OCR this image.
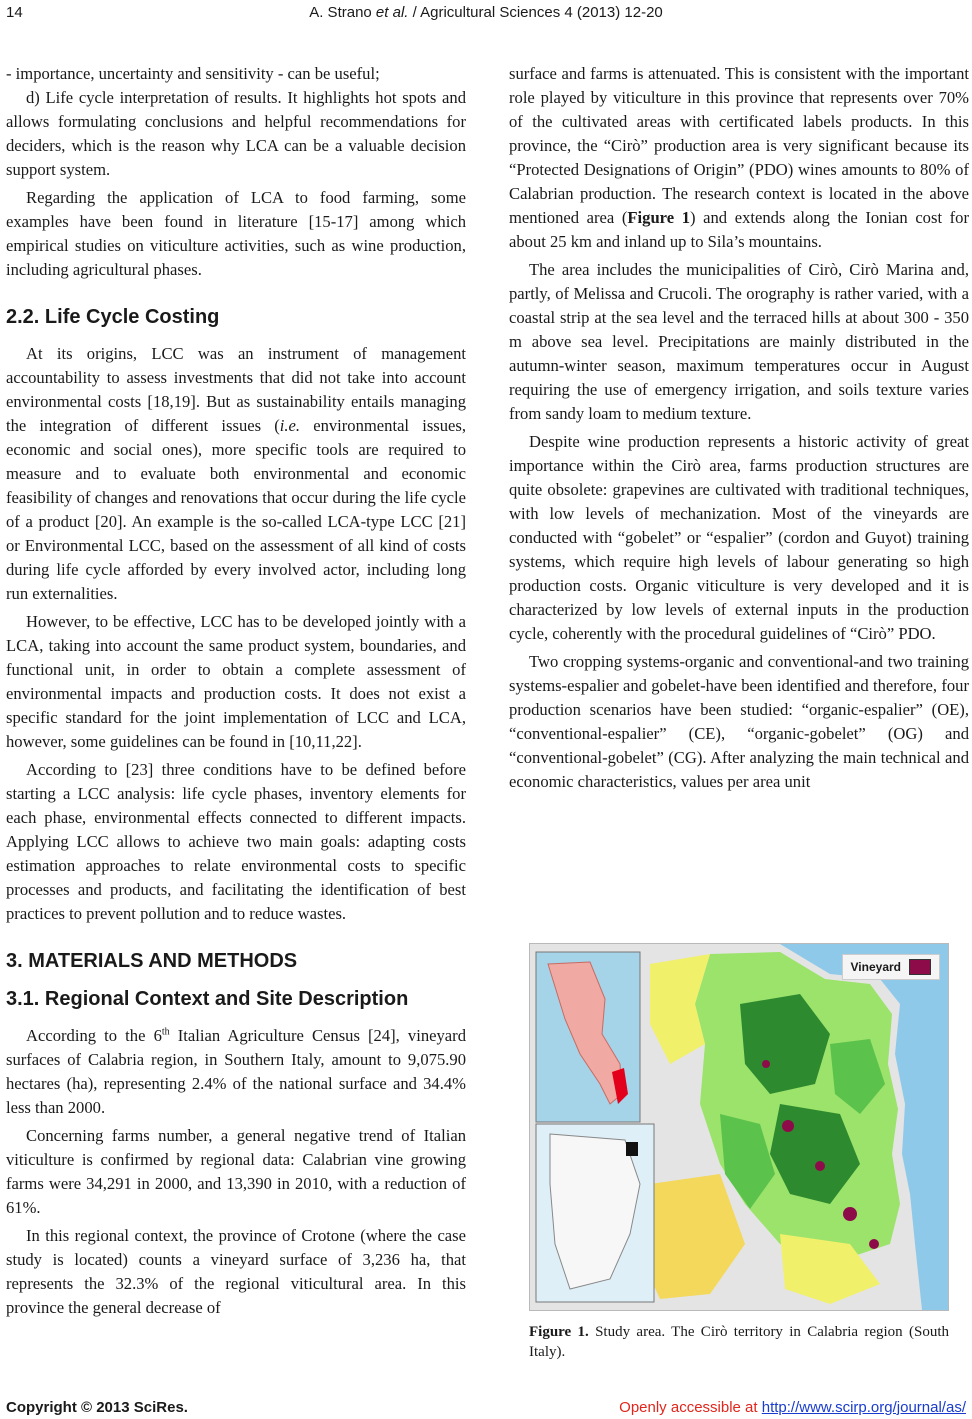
14	A. Strano et al. / Agricultural Sciences 4 (2013) 12-20

- importance, uncertainty and sensitivity - can be useful;

d) Life cycle interpretation of results. It highlights hot spots and allows formulating conclusions and helpful recommendations for deciders, which is the reason why LCA can be a valuable decision support system.

Regarding the application of LCA to food farming, some examples have been found in literature [15-17] among which empirical studies on viticulture activities, such as wine production, including agricultural phases.

2.2. Life Cycle Costing

At its origins, LCC was an instrument of management accountability to assess investments that did not take into account environmental costs [18,19]. But as sustainability entails managing the integration of different issues (i.e. environmental issues, economic and social ones), more specific tools are required to measure and to evaluate both environmental and economic feasibility of changes and renovations that occur during the life cycle of a product [20]. An example is the so-called LCA-type LCC [21] or Environmental LCC, based on the assessment of all kind of costs during life cycle afforded by every involved actor, including long run externalities.

However, to be effective, LCC has to be developed jointly with a LCA, taking into account the same product system, boundaries, and functional unit, in order to obtain a complete assessment of environmental impacts and production costs. It does not exist a specific standard for the joint implementation of LCC and LCA, however, some guidelines can be found in [10,11,22].

According to [23] three conditions have to be defined before starting a LCC analysis: life cycle phases, inventory elements for each phase, environmental effects connected to different impacts. Applying LCC allows to achieve two main goals: adapting costs estimation approaches to relate environmental costs to specific processes and products, and facilitating the identification of best practices to prevent pollution and to reduce wastes.

3. MATERIALS AND METHODS
3.1. Regional Context and Site Description

According to the 6th Italian Agriculture Census [24], vineyard surfaces of Calabria region, in Southern Italy, amount to 9,075.90 hectares (ha), representing 2.4% of the national surface and 34.4% less than 2000.

Concerning farms number, a general negative trend of Italian viticulture is confirmed by regional data: Calabrian vine growing farms were 34,291 in 2000, and 13,390 in 2010, with a reduction of 61%.

In this regional context, the province of Crotone (where the case study is located) counts a vineyard surface of 3,236 ha, that represents the 32.3% of the regional viticultural area. In this province the general decrease of

surface and farms is attenuated. This is consistent with the important role played by viticulture in this province that represents over 70% of the cultivated areas with certificated labels products. In this province, the “Cirò” production area is very significant because its “Protected Designations of Origin” (PDO) wines amounts to 80% of Calabrian production. The research context is located in the above mentioned area (Figure 1) and extends along the Ionian cost for about 25 km and inland up to Sila’s mountains.

The area includes the municipalities of Cirò, Cirò Marina and, partly, of Melissa and Crucoli. The orography is rather varied, with a coastal strip at the sea level and the terraced hills at about 300 - 350 m above sea level. Precipitations are mainly distributed in the autumn-winter season, maximum temperatures occur in August requiring the use of emergency irrigation, and soils texture varies from sandy loam to medium texture.

Despite wine production represents a historic activity of great importance within the Cirò area, farms production structures are quite obsolete: grapevines are cultivated with traditional techniques, with low levels of mechanization. Most of the vineyards are conducted with “gobelet” or “espalier” (cordon and Guyot) training systems, which require high levels of labour generating so high production costs. Organic viticulture is very developed and it is characterized by low levels of external inputs in the production cycle, coherently with the procedural guidelines of “Cirò” PDO.

Two cropping systems-organic and conventional-and two training systems-espalier and gobelet-have been identified and therefore, four production scenarios have been studied: “organic-espalier” (OE), “conventional-espalier” (CE), “organic-gobelet” (OG) and “conventional-gobelet” (CG). After analyzing the main technical and economic characteristics, values per area unit

Vineyard
Figure 1. Study area. The Cirò territory in Calabria region (South Italy).
Copyright © 2013 SciRes.	Openly accessible at http://www.scirp.org/journal/as/
